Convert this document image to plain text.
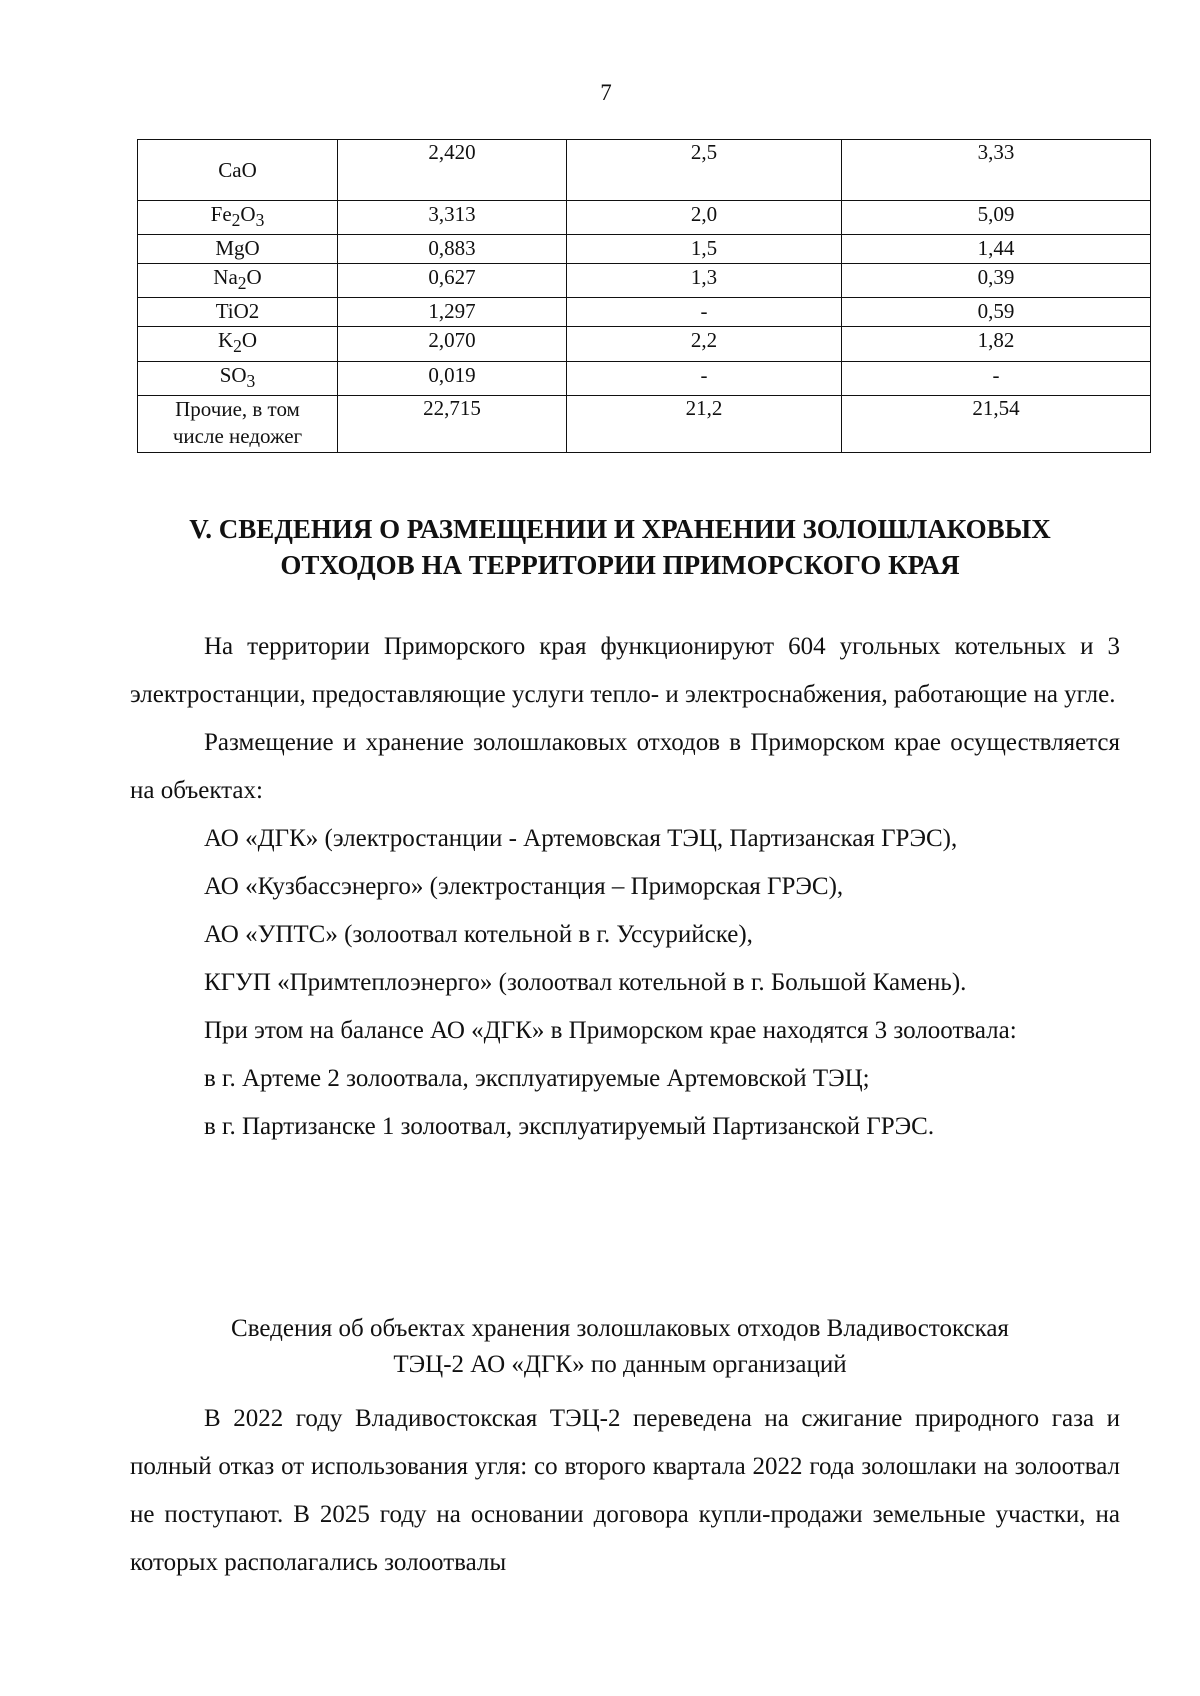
7
CaO	2,420	2,5	3,33
$Fe_2O_3$	3,313	2,0	5,09
MgO	0,883	1,5	1,44
$Na_2O$	0,627	1,3	0,39
TiO2	1,297	-	0,59
$K_2O$	2,070	2,2	1,82
$SO_3$	0,019	-	-
Прочие, в том
числе недожег	22,715	21,2	21,54
V. СВЕДЕНИЯ О РАЗМЕЩЕНИИ И ХРАНЕНИИ ЗОЛОШЛАКОВЫХ
ОТХОДОВ НА ТЕРРИТОРИИ ПРИМОРСКОГО КРАЯ

На территории Приморского края функционируют 604 угольных котельных и 3 электростанции, предоставляющие услуги тепло- и электроснабжения, работающие на угле.

Размещение и хранение золошлаковых отходов в Приморском крае осуществляется на объектах:

АО «ДГК» (электростанции - Артемовская ТЭЦ, Партизанская ГРЭС),

АО «Кузбассэнерго» (электростанция – Приморская ГРЭС),

АО «УПТС» (золоотвал котельной в г. Уссурийске),

КГУП «Примтеплоэнерго» (золоотвал котельной в г. Большой Камень).

При этом на балансе АО «ДГК» в Приморском крае находятся 3 золоотвала:

в г. Артеме 2 золоотвала, эксплуатируемые Артемовской ТЭЦ;

в г. Партизанске 1 золоотвал, эксплуатируемый Партизанской ГРЭС.

Сведения об объектах хранения золошлаковых отходов Владивостокская
ТЭЦ-2 АО «ДГК» по данным организаций

В 2022 году Владивостокская ТЭЦ-2 переведена на сжигание природного газа и полный отказ от использования угля: со второго квартала 2022 года золошлаки на золоотвал не поступают. В 2025 году на основании договора купли-продажи земельные участки, на которых располагались золоотвалы
